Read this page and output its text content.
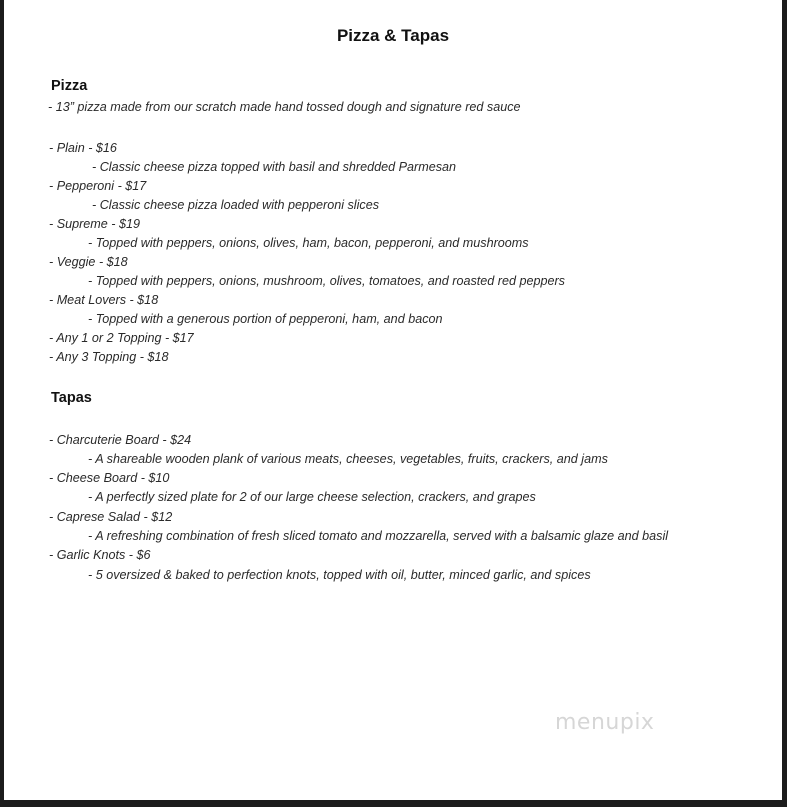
Pizza & Tapas
Pizza
- 13” pizza made from our scratch made hand tossed dough and signature red sauce
- Plain - $16
- Classic cheese pizza topped with basil and shredded Parmesan
- Pepperoni - $17
- Classic cheese pizza loaded with pepperoni slices
- Supreme - $19
- Topped with peppers, onions, olives, ham, bacon, pepperoni, and mushrooms
- Veggie - $18
- Topped with peppers, onions, mushroom, olives, tomatoes, and roasted red peppers
- Meat Lovers - $18
- Topped with a generous portion of pepperoni, ham, and bacon
- Any 1 or 2 Topping - $17
- Any 3 Topping - $18
Tapas
- Charcuterie Board - $24
- A shareable wooden plank of various meats, cheeses, vegetables, fruits, crackers, and jams
- Cheese Board - $10
- A perfectly sized plate for 2 of our large cheese selection, crackers, and grapes
- Caprese Salad - $12
- A refreshing combination of fresh sliced tomato and mozzarella, served with a balsamic glaze and basil
- Garlic Knots - $6
- 5 oversized & baked to perfection knots, topped with oil, butter, minced garlic, and spices
menupix
